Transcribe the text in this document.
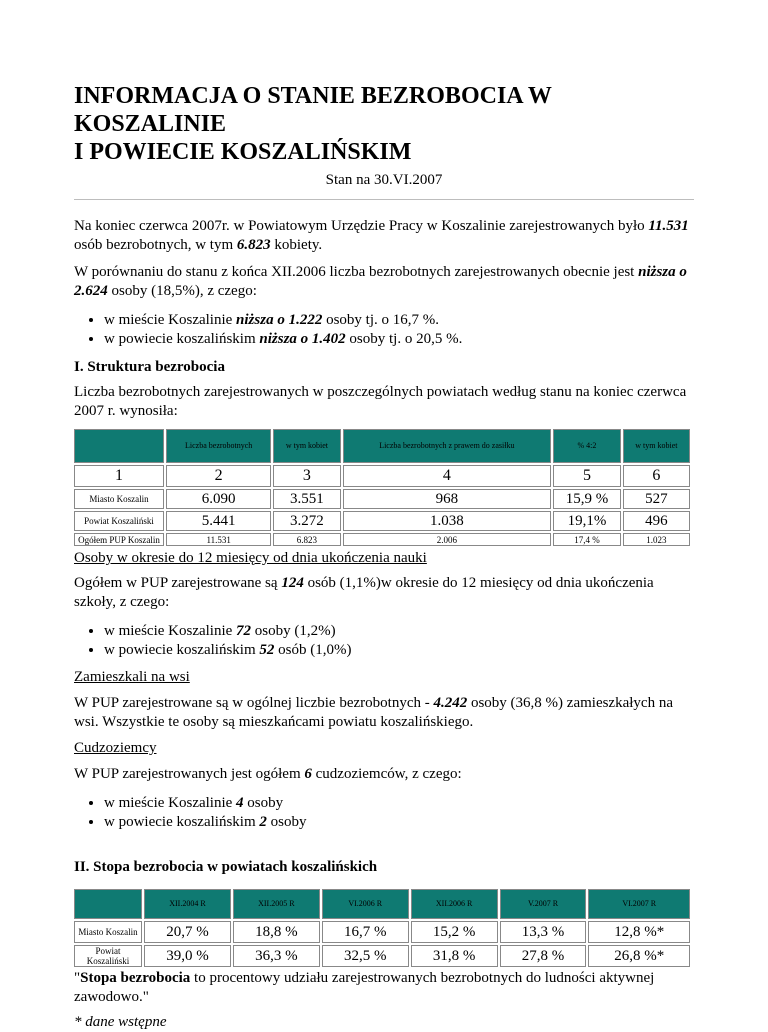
INFORMACJA O STANIE BEZROBOCIA W KOSZALINIE
I POWIECIE KOSZALIŃSKIM
Stan na 30.VI.2007

Na koniec czerwca 2007r. w Powiatowym Urzędzie Pracy w Koszalinie zarejestrowanych było 11.531 osób bezrobotnych, w tym 6.823 kobiety.

W porównaniu do stanu z końca XII.2006 liczba bezrobotnych zarejestrowanych obecnie jest niższa o 2.624 osoby (18,5%), z czego:

• w mieście Koszalinie niższa o 1.222 osoby tj. o 16,7 %.
• w powiecie koszalińskim niższa o 1.402 osoby tj. o 20,5 %.
I. Struktura bezrobocia

Liczba bezrobotnych zarejestrowanych w poszczególnych powiatach według stanu na koniec czerwca 2007 r. wynosiła:

	Liczba bezrobotnych	w tym kobiet	Liczba bezrobotnych z prawem do zasiłku	% 4:2	w tym kobiet
1	2	3	4	5	6
Miasto Koszalin	6.090	3.551	968	15,9 %	527
Powiat Koszaliński	5.441	3.272	1.038	19,1%	496
Ogółem PUP Koszalin	11.531	6.823	2.006	17,4 %	1.023
Osoby w okresie do 12 miesięcy od dnia ukończenia nauki

Ogółem w PUP zarejestrowane są 124 osób (1,1%)w okresie do 12 miesięcy od dnia ukończenia szkoły, z czego:

• w mieście Koszalinie 72 osoby (1,2%)
• w powiecie koszalińskim 52 osób (1,0%)
Zamieszkali na wsi

W PUP zarejestrowane są w ogólnej liczbie bezrobotnych - 4.242 osoby (36,8 %) zamieszkałych na wsi. Wszystkie te osoby są mieszkańcami powiatu koszalińskiego.

Cudzoziemcy

W PUP zarejestrowanych jest ogółem 6 cudzoziemców, z czego:

• w mieście Koszalinie 4 osoby
• w powiecie koszalińskim 2 osoby
II. Stopa bezrobocia w powiatach koszalińskich
	XII.2004 R	XII.2005 R	VI.2006 R	XII.2006 R	V.2007 R	VI.2007 R
Miasto Koszalin	20,7 %	18,8 %	16,7 %	15,2 %	13,3 %	12,8 %*
Powiat Koszaliński	39,0 %	36,3 %	32,5 %	31,8 %	27,8 %	26,8 %*

"Stopa bezrobocia to procentowy udziału zarejestrowanych bezrobotnych do ludności aktywnej zawodowo."

* dane wstępne
